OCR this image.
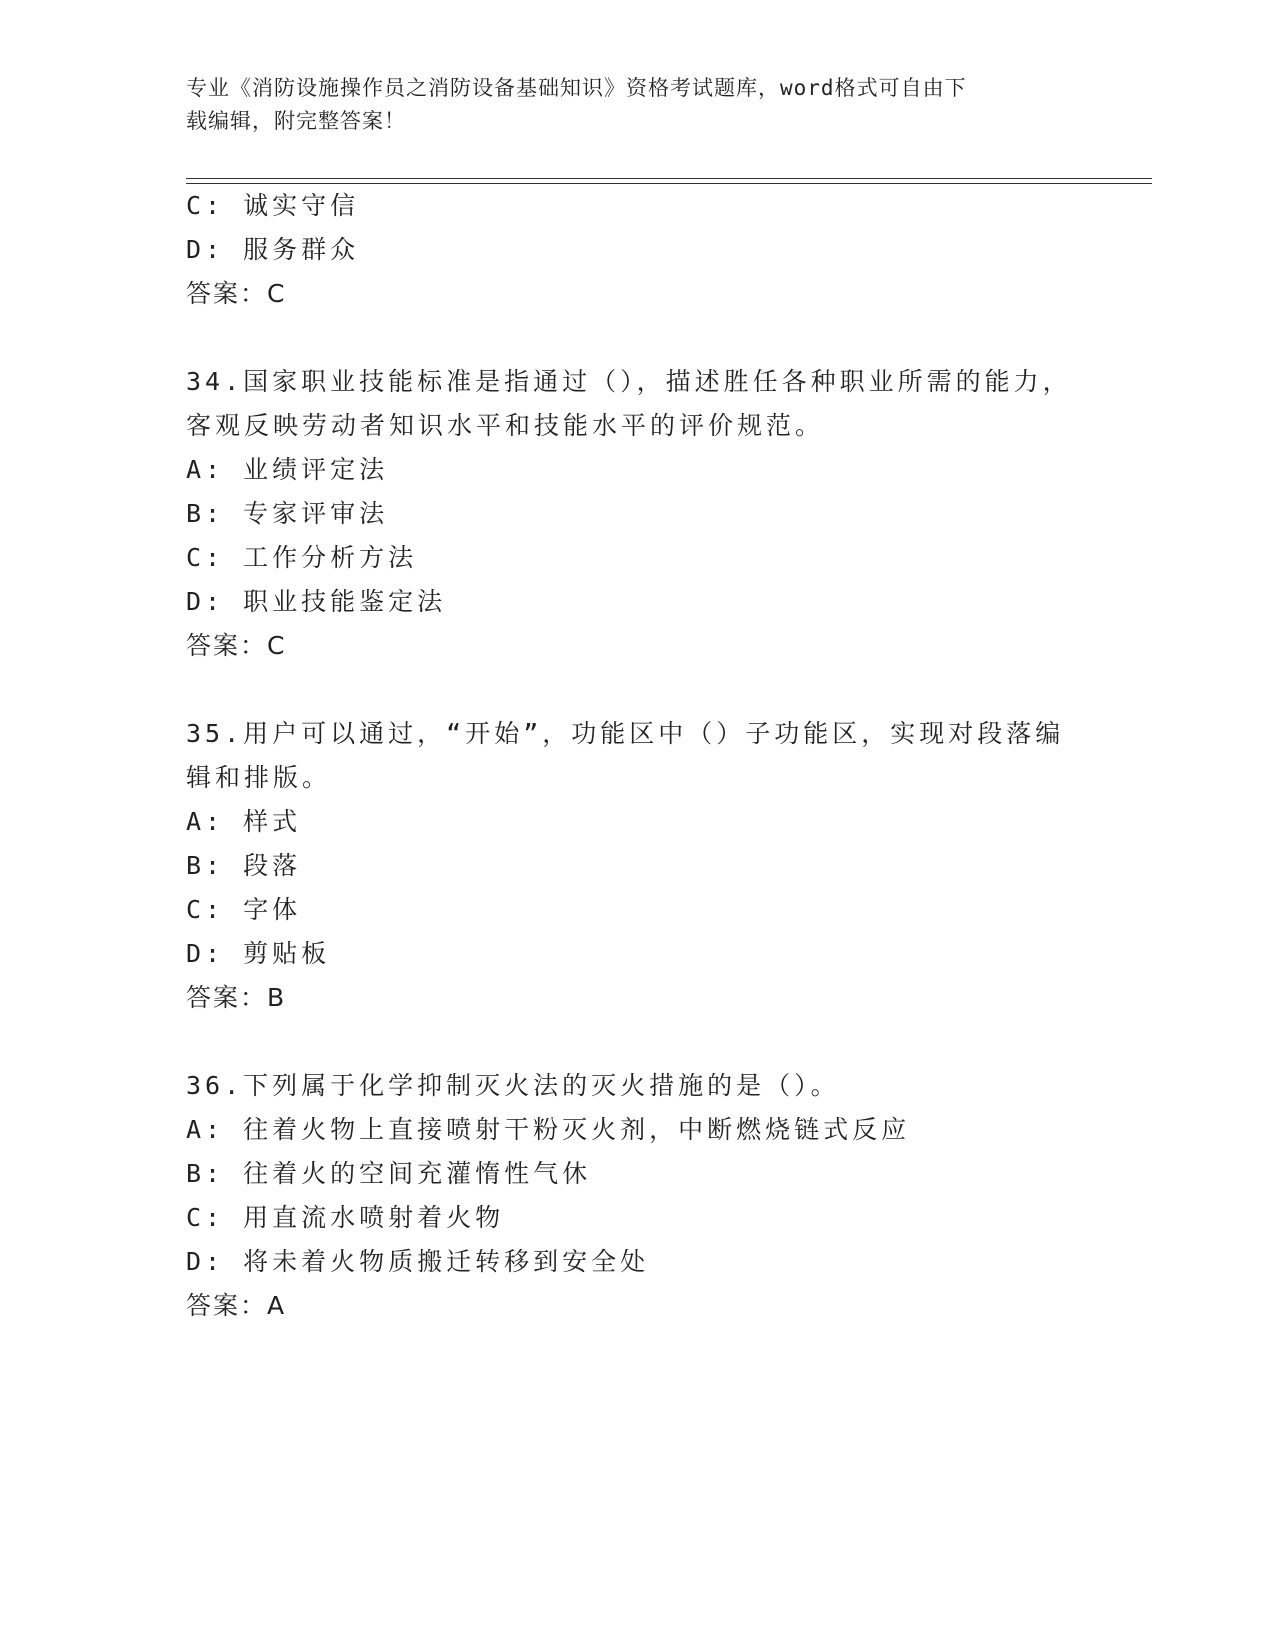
专业《消防设施操作员之消防设备基础知识》资格考试题库，word格式可自由下
载编辑，附完整答案！
C: 诚实守信
D: 服务群众
答案：C
34.国家职业技能标准是指通过（），描述胜任各种职业所需的能力，
客观反映劳动者知识水平和技能水平的评价规范。
A: 业绩评定法
B: 专家评审法
C: 工作分析方法
D: 职业技能鉴定法
答案：C
35.用户可以通过，“开始”，功能区中（）子功能区，实现对段落编
辑和排版。
A: 样式
B: 段落
C: 字体
D: 剪贴板
答案：B
36.下列属于化学抑制灭火法的灭火措施的是（）。
A: 往着火物上直接喷射干粉灭火剂，中断燃烧链式反应
B: 往着火的空间充灌惰性气休
C: 用直流水喷射着火物
D: 将未着火物质搬迁转移到安全处
答案：A
